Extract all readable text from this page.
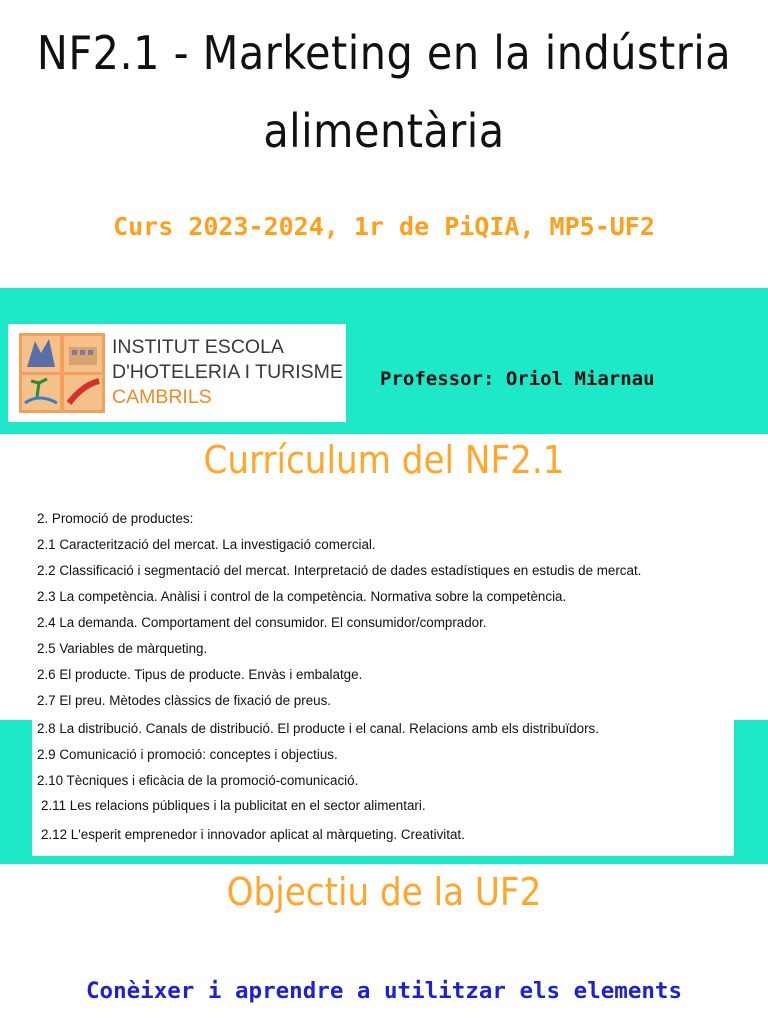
NF2.1 - Marketing en la indústria
alimentària
Curs 2023-2024, 1r de PiQIA, MP5-UF2
INSTITUT ESCOLA
D'HOTELERIA I TURISME
CAMBRILS
Professor: Oriol Miarnau
Currículum del NF2.1
2. Promoció de productes:
2.1 Caracterització del mercat. La investigació comercial.
2.2 Classificació i segmentació del mercat. Interpretació de dades estadístiques en estudis de mercat.
2.3 La competència. Anàlisi i control de la competència. Normativa sobre la competència.
2.4 La demanda. Comportament del consumidor. El consumidor/comprador.
2.5 Variables de màrqueting.
2.6 El producte. Tipus de producte. Envàs i embalatge.
2.7 El preu. Mètodes clàssics de fixació de preus.
2.8 La distribució. Canals de distribució. El producte i el canal. Relacions amb els distribuïdors.
2.9 Comunicació i promoció: conceptes i objectius.
2.10 Tècniques i eficàcia de la promoció-comunicació.
2.11 Les relacions públiques i la publicitat en el sector alimentari.
2.12 L'esperit emprenedor i innovador aplicat al màrqueting. Creativitat.
Objectiu de la UF2
Conèixer i aprendre a utilitzar els elements
